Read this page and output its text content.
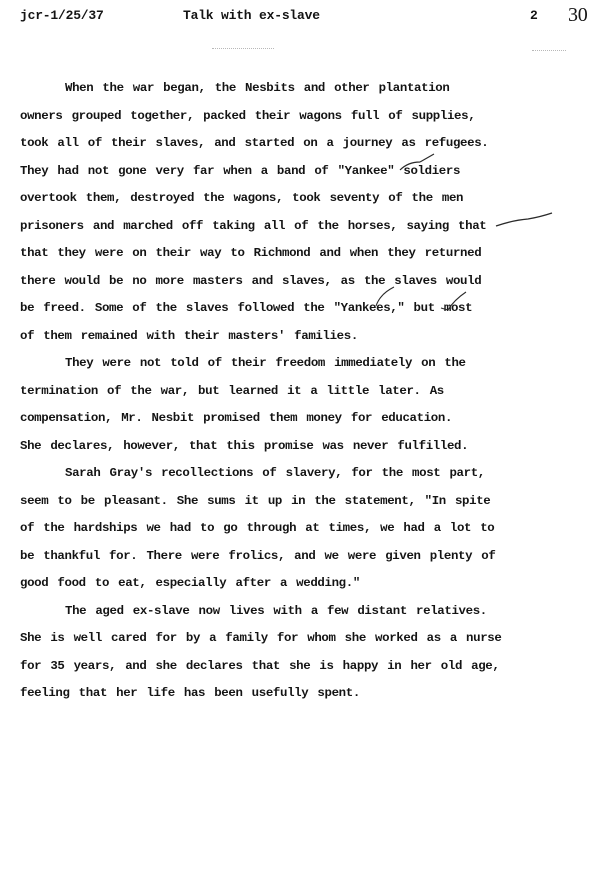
jcr-1/25/37	Talk with ex-slave	2 30
When the war began, the Nesbits and other plantation
owners grouped together, packed their wagons full of supplies,
took all of their slaves, and started on a journey as refugees.
They had not gone very far when a band of "Yankee" soldiers
overtook them, destroyed the wagons, took seventy of the men
prisoners and marched off taking all of the horses, saying that
that they were on their way to Richmond and when they returned
there would be no more masters and slaves, as the slaves would
be freed. Some of the slaves followed the "Yankees," but most
of them remained with their masters' families.
They were not told of their freedom immediately on the
termination of the war, but learned it a little later. As
compensation, Mr. Nesbit promised them money for education.
She declares, however, that this promise was never fulfilled.
Sarah Gray's recollections of slavery, for the most part,
seem to be pleasant. She sums it up in the statement, "In spite
of the hardships we had to go through at times, we had a lot to
be thankful for. There were frolics, and we were given plenty of
good food to eat, especially after a wedding."
The aged ex-slave now lives with a few distant relatives.
She is well cared for by a family for whom she worked as a nurse
for 35 years, and she declares that she is happy in her old age,
feeling that her life has been usefully spent.
